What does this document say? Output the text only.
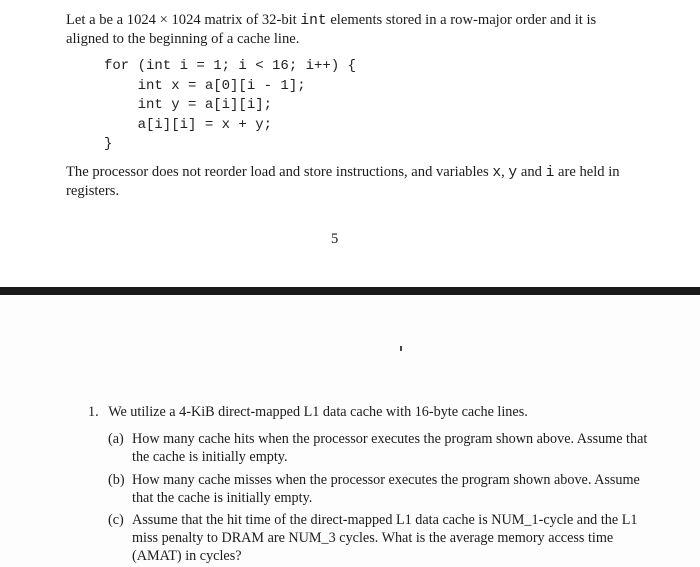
Let a be a 1024 × 1024 matrix of 32-bit int elements stored in a row-major order and it is
aligned to the beginning of a cache line.
for (int i = 1; i < 16; i++) {
int x = a[0][i - 1];
int y = a[i][i];
a[i][i] = x + y;
}
The processor does not reorder load and store instructions, and variables x, y and i are held in
registers.
5
1. We utilize a 4-KiB direct-mapped L1 data cache with 16-byte cache lines.
(a) How many cache hits when the processor executes the program shown above. Assume that the cache is initially empty.
(b) How many cache misses when the processor executes the program shown above. Assume that the cache is initially empty.
(c) Assume that the hit time of the direct-mapped L1 data cache is NUM_1-cycle and the L1 miss penalty to DRAM are NUM_3 cycles. What is the average memory access time (AMAT) in cycles?
